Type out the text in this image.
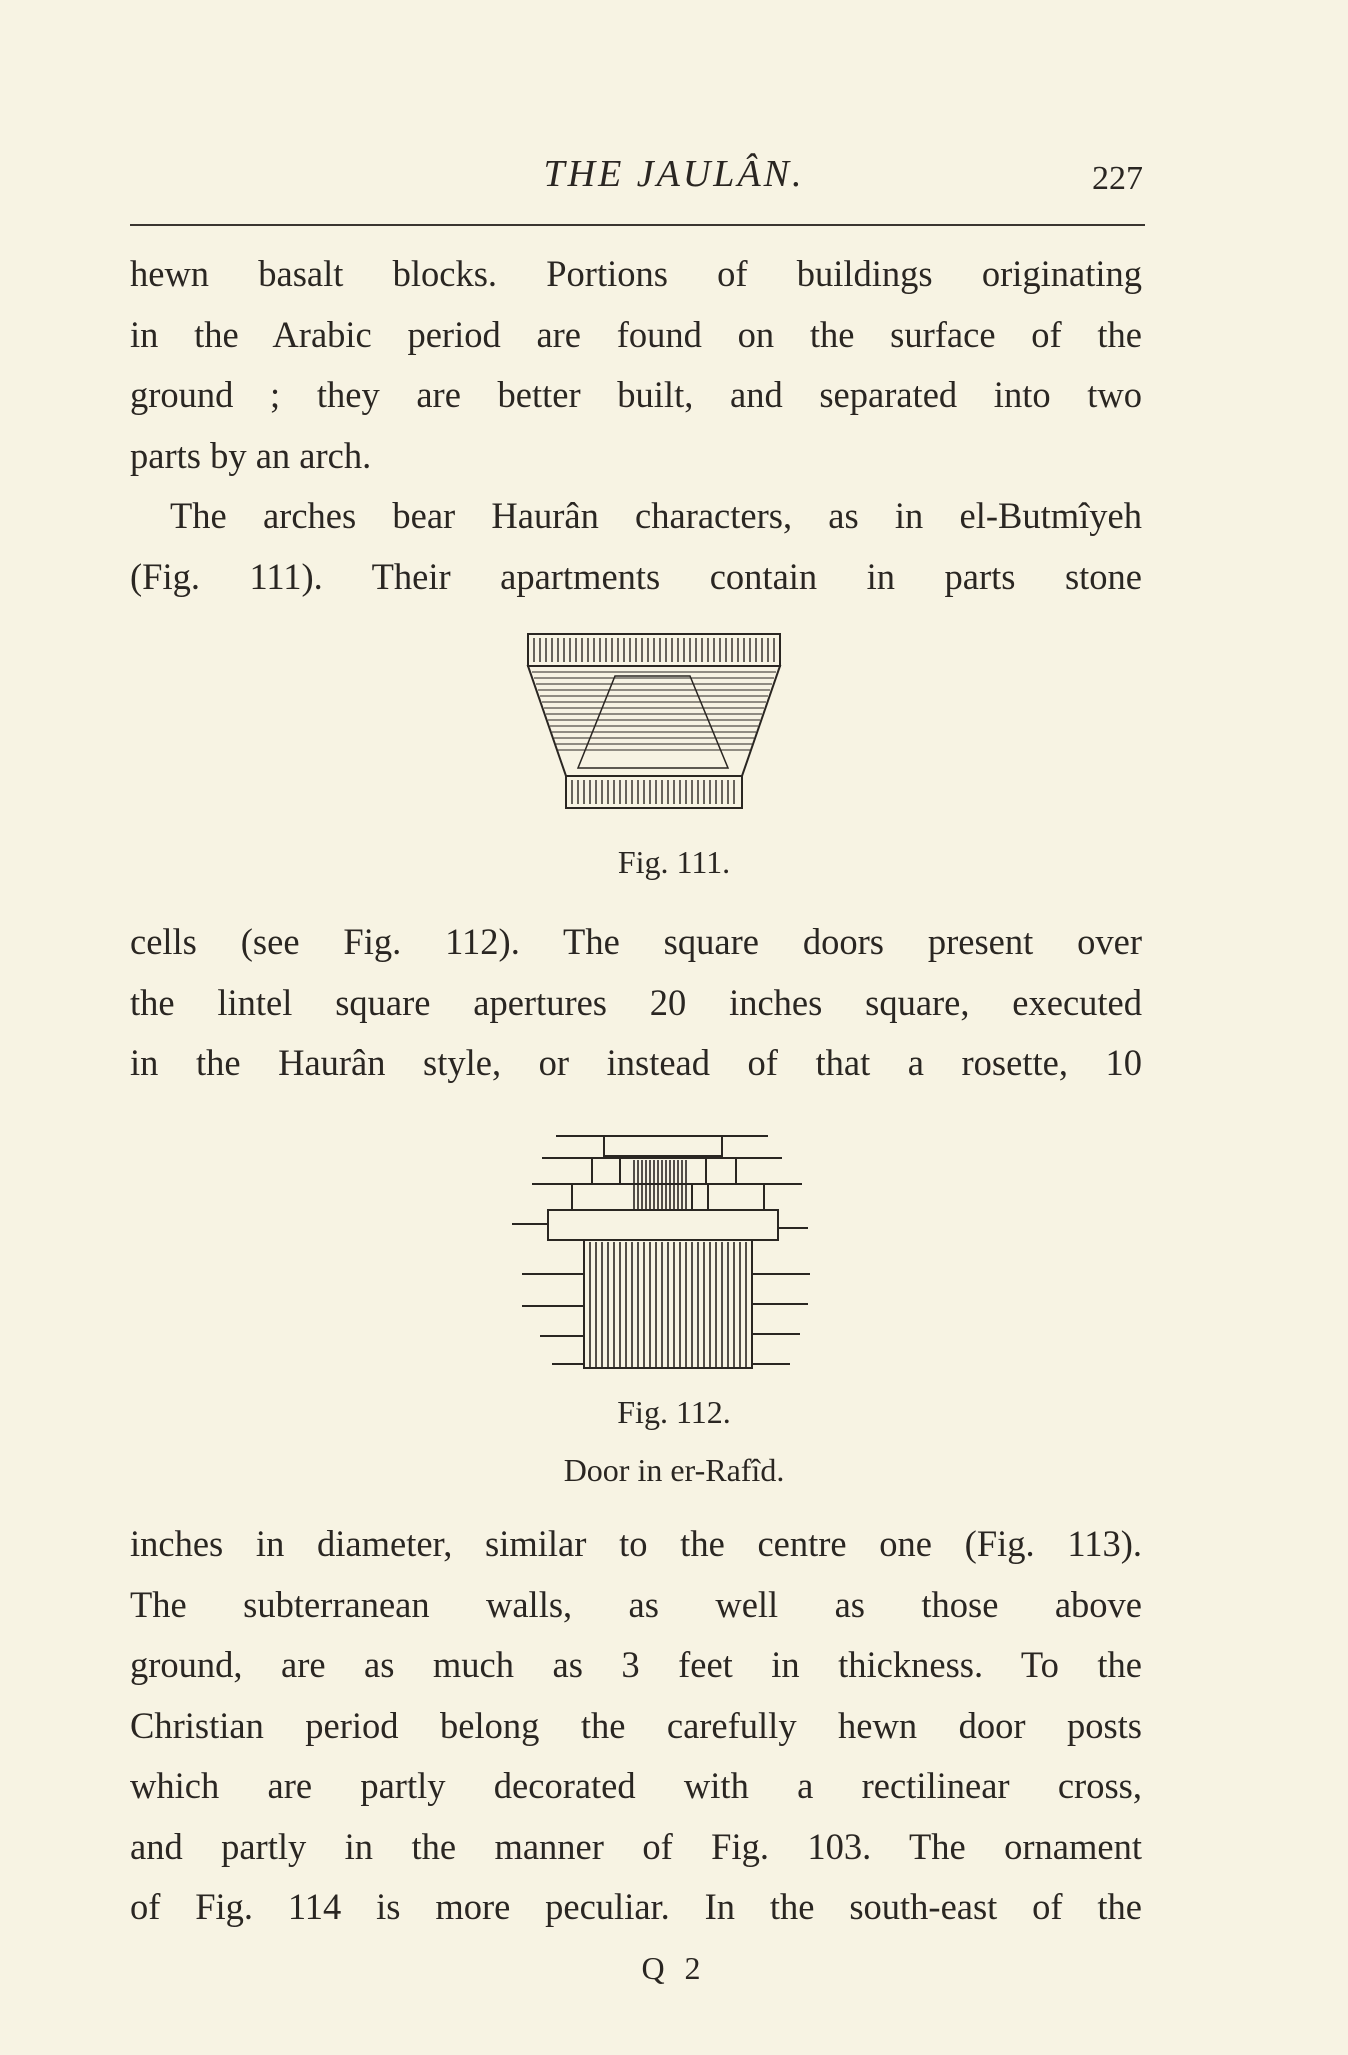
THE JAULÂN.	227
hewn basalt blocks. Portions of buildings originating
in the Arabic period are found on the surface of the
ground ; they are better built, and separated into two
parts by an arch.
The arches bear Haurân characters, as in el-Butmîyeh
(Fig. 111). Their apartments contain in parts stone
Fig. 111.
cells (see Fig. 112). The square doors present over
the lintel square apertures 20 inches square, executed
in the Haurân style, or instead of that a rosette, 10
Fig. 112.
Door in er-Rafîd.
inches in diameter, similar to the centre one (Fig. 113).
The subterranean walls, as well as those above
ground, are as much as 3 feet in thickness. To the
Christian period belong the carefully hewn door posts
which are partly decorated with a rectilinear cross,
and partly in the manner of Fig. 103. The ornament
of Fig. 114 is more peculiar. In the south-east of the
Q 2
